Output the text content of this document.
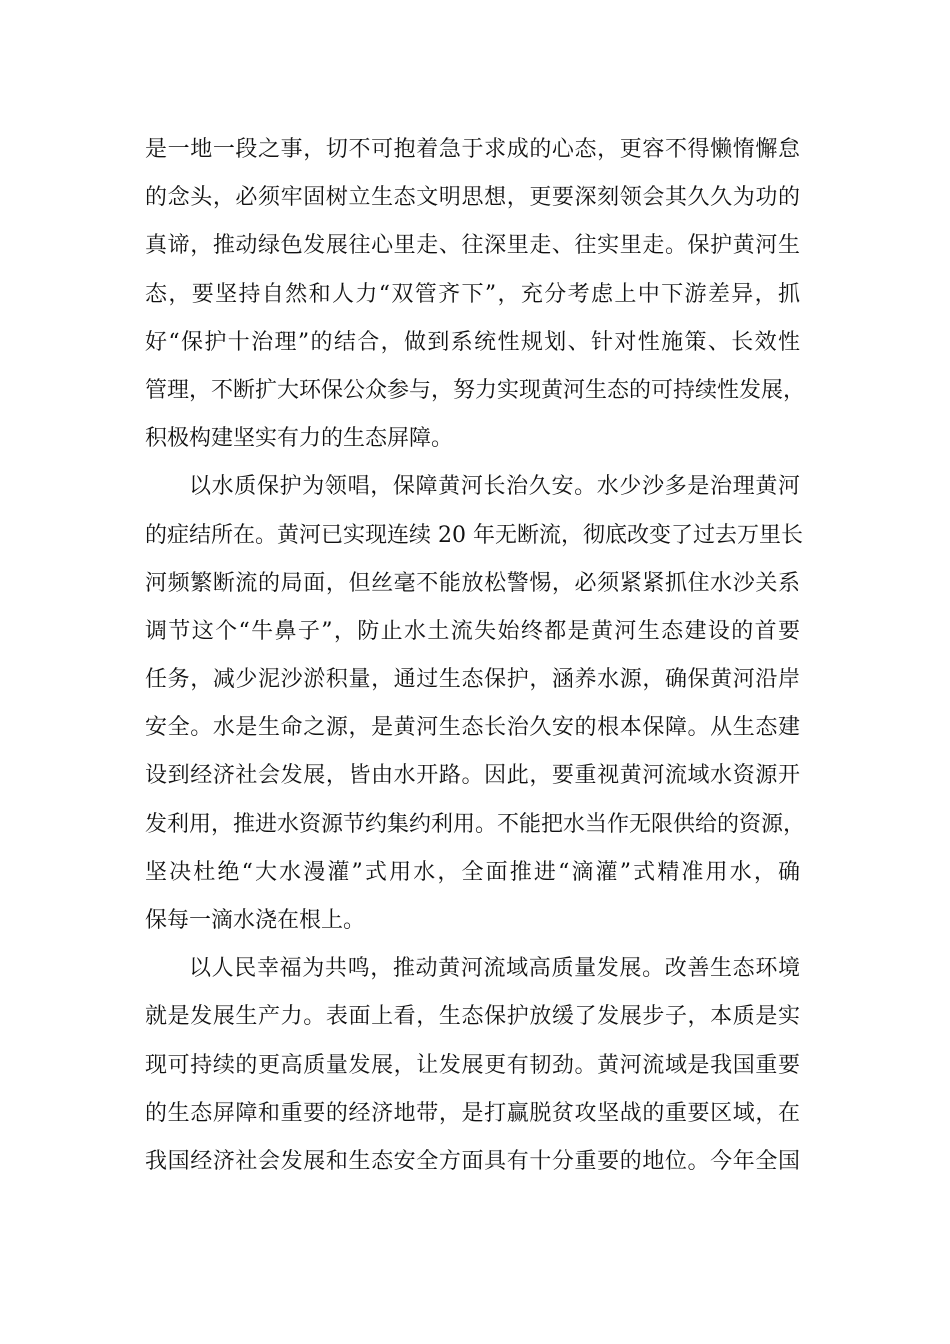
是一地一段之事，切不可抱着急于求成的心态，更容不得懒惰懈怠
的念头，必须牢固树立生态文明思想，更要深刻领会其久久为功的
真谛，推动绿色发展往心里走、往深里走、往实里走。保护黄河生
态，要坚持自然和人力“双管齐下”，充分考虑上中下游差异，抓
好“保护十治理”的结合，做到系统性规划、针对性施策、长效性
管理，不断扩大环保公众参与，努力实现黄河生态的可持续性发展，
积极构建坚实有力的生态屏障。
以水质保护为领唱，保障黄河长治久安。水少沙多是治理黄河
的症结所在。黄河已实现连续 20 年无断流，彻底改变了过去万里长
河频繁断流的局面，但丝毫不能放松警惕，必须紧紧抓住水沙关系
调节这个“牛鼻子”，防止水土流失始终都是黄河生态建设的首要
任务，减少泥沙淤积量，通过生态保护，涵养水源，确保黄河沿岸
安全。水是生命之源，是黄河生态长治久安的根本保障。从生态建
设到经济社会发展，皆由水开路。因此，要重视黄河流域水资源开
发利用，推进水资源节约集约利用。不能把水当作无限供给的资源，
坚决杜绝“大水漫灌”式用水，全面推进“滴灌”式精准用水，确
保每一滴水浇在根上。
以人民幸福为共鸣，推动黄河流域高质量发展。改善生态环境
就是发展生产力。表面上看，生态保护放缓了发展步子，本质是实
现可持续的更高质量发展，让发展更有韧劲。黄河流域是我国重要
的生态屏障和重要的经济地带，是打赢脱贫攻坚战的重要区域，在
我国经济社会发展和生态安全方面具有十分重要的地位。今年全国
